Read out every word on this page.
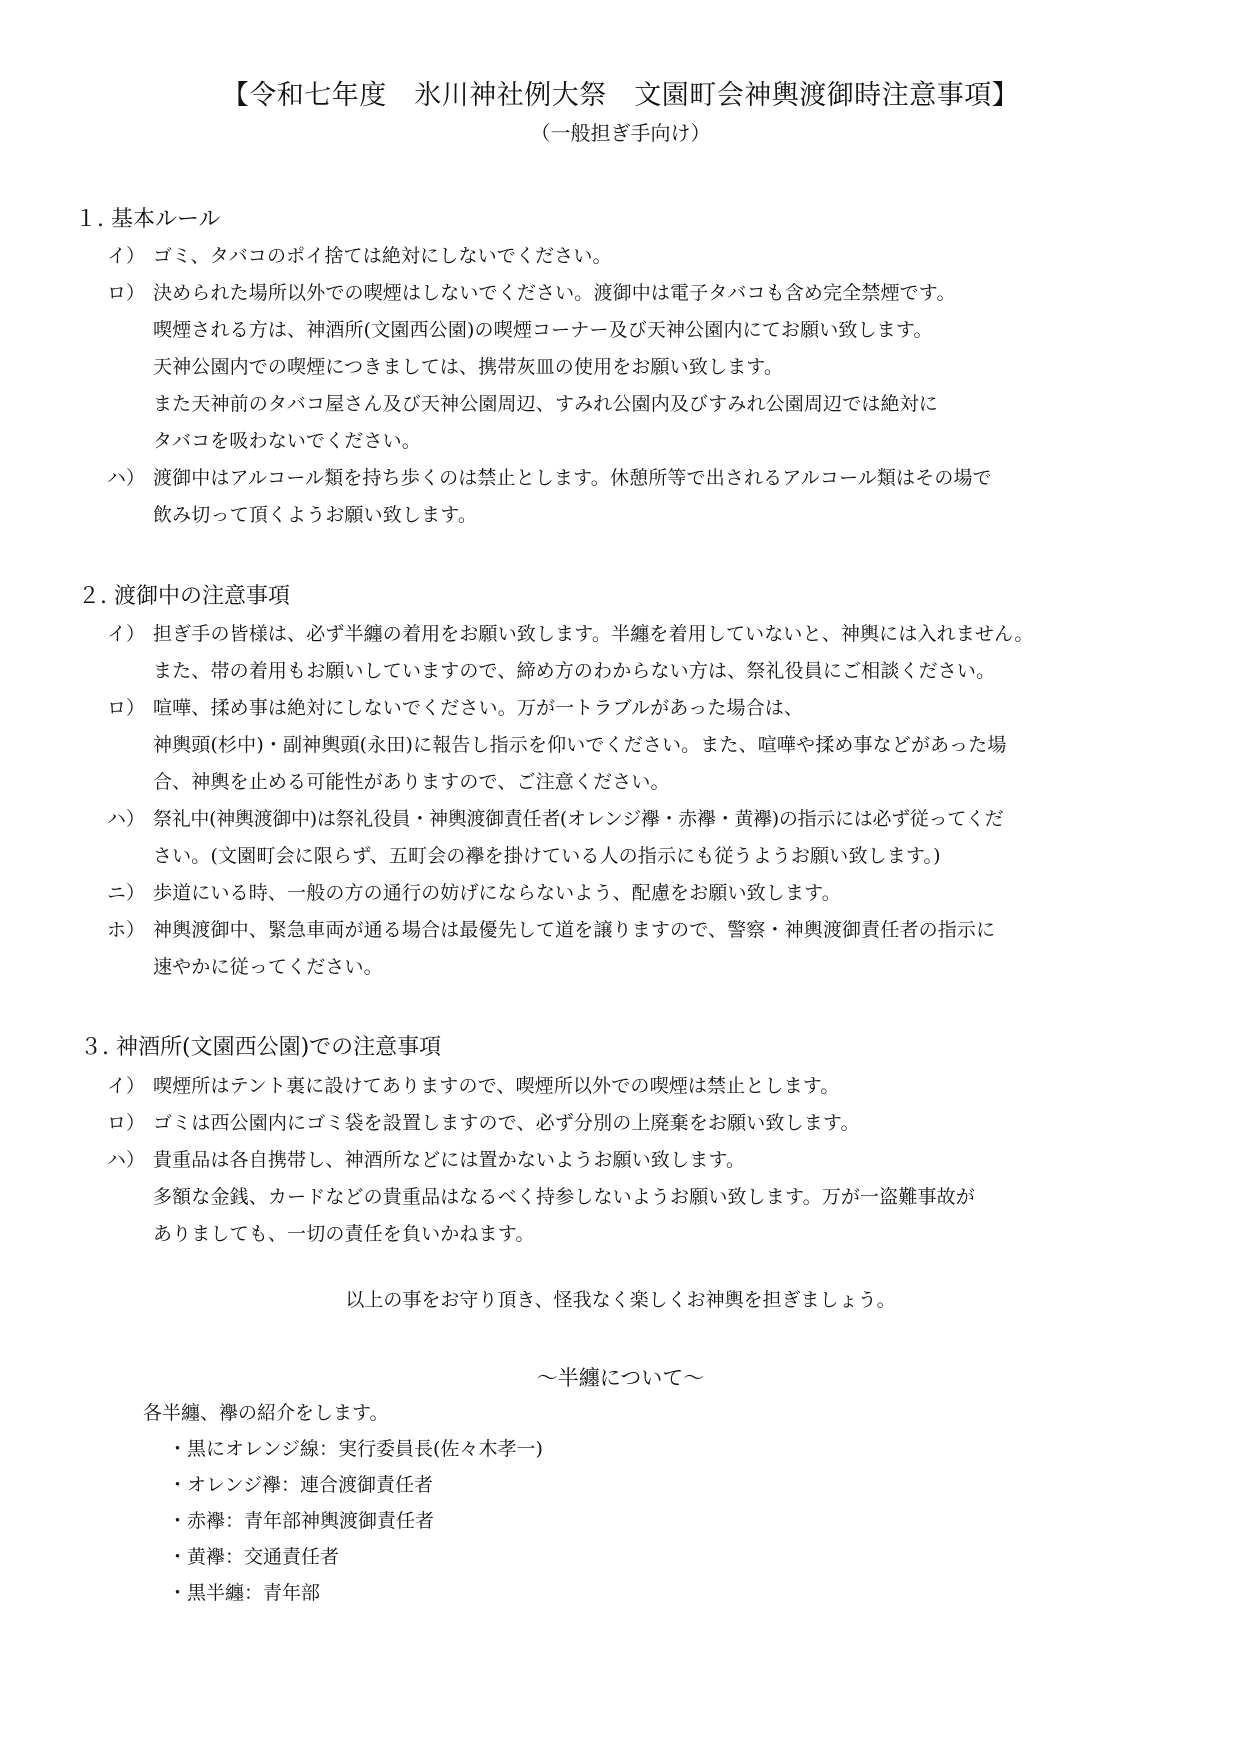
【令和七年度　氷川神社例大祭　文園町会神輿渡御時注意事項】
（一般担ぎ手向け）
１. 基本ルール
イ） ゴミ、タバコのポイ捨ては絶対にしないでください。
ロ） 決められた場所以外での喫煙はしないでください。渡御中は電子タバコも含め完全禁煙です。
喫煙される方は、神酒所(文園西公園)の喫煙コーナー及び天神公園内にてお願い致します。
天神公園内での喫煙につきましては、携帯灰皿の使用をお願い致します。
また天神前のタバコ屋さん及び天神公園周辺、すみれ公園内及びすみれ公園周辺では絶対に
タバコを吸わないでください。
ハ） 渡御中はアルコール類を持ち歩くのは禁止とします。休憩所等で出されるアルコール類はその場で
飲み切って頂くようお願い致します。
２. 渡御中の注意事項
イ） 担ぎ手の皆様は、必ず半纏の着用をお願い致します。半纏を着用していないと、神輿には入れません。
また、帯の着用もお願いしていますので、締め方のわからない方は、祭礼役員にご相談ください。
ロ） 喧嘩、揉め事は絶対にしないでください。万が一トラブルがあった場合は、
神輿頭(杉中)・副神輿頭(永田)に報告し指示を仰いでください。また、喧嘩や揉め事などがあった場
合、神輿を止める可能性がありますので、ご注意ください。
ハ） 祭礼中(神輿渡御中)は祭礼役員・神輿渡御責任者(オレンジ襷・赤襷・黄襷)の指示には必ず従ってくだ
さい。(文園町会に限らず、五町会の襷を掛けている人の指示にも従うようお願い致します。)
ニ） 歩道にいる時、一般の方の通行の妨げにならないよう、配慮をお願い致します。
ホ） 神輿渡御中、緊急車両が通る場合は最優先して道を譲りますので、警察・神輿渡御責任者の指示に
速やかに従ってください。
３. 神酒所(文園西公園)での注意事項
イ） 喫煙所はテント裏に設けてありますので、喫煙所以外での喫煙は禁止とします。
ロ） ゴミは西公園内にゴミ袋を設置しますので、必ず分別の上廃棄をお願い致します。
ハ） 貴重品は各自携帯し、神酒所などには置かないようお願い致します。
多額な金銭、カードなどの貴重品はなるべく持参しないようお願い致します。万が一盗難事故が
ありましても、一切の責任を負いかねます。
以上の事をお守り頂き、怪我なく楽しくお神輿を担ぎましょう。
～半纏について～
各半纏、襷の紹介をします。
・黒にオレンジ線：実行委員長(佐々木孝一)
・オレンジ襷：連合渡御責任者
・赤襷：青年部神輿渡御責任者
・黄襷：交通責任者
・黒半纏：青年部
